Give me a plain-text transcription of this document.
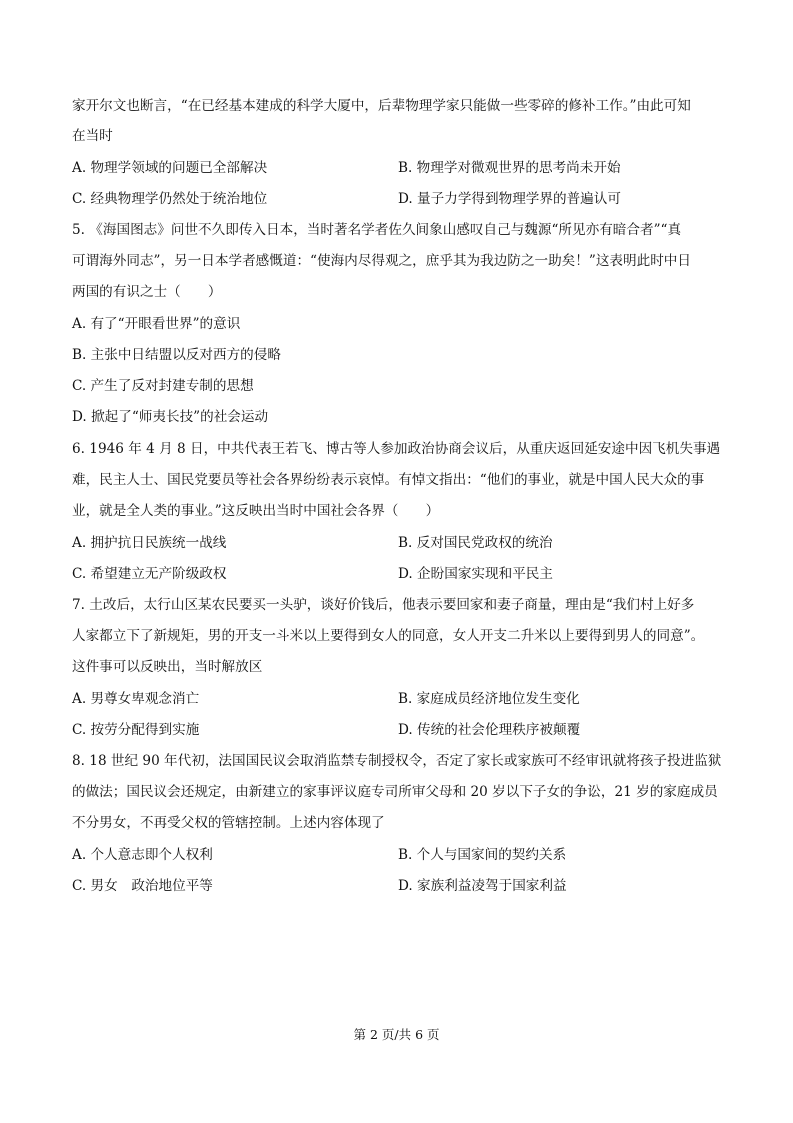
家开尔文也断言，“在已经基本建成的科学大厦中，后辈物理学家只能做一些零碎的修补工作。”由此可知
在当时
A. 物理学领域的问题已全部解决	B. 物理学对微观世界的思考尚未开始
C. 经典物理学仍然处于统治地位	D. 量子力学得到物理学界的普遍认可
5. 《海国图志》问世不久即传入日本，当时著名学者佐久间象山感叹自己与魏源“所见亦有暗合者”“真
可谓海外同志”，另一日本学者感慨道：“使海内尽得观之，庶乎其为我边防之一助矣！”这表明此时中日
两国的有识之士（　　）
A. 有了“开眼看世界”的意识
B. 主张中日结盟以反对西方的侵略
C. 产生了反对封建专制的思想
D. 掀起了“师夷长技”的社会运动
6. 1946 年 4 月 8 日，中共代表王若飞、博古等人参加政治协商会议后，从重庆返回延安途中因飞机失事遇
难，民主人士、国民党要员等社会各界纷纷表示哀悼。有悼文指出：“他们的事业，就是中国人民大众的事
业，就是全人类的事业。”这反映出当时中国社会各界（　　）
A. 拥护抗日民族统一战线	B. 反对国民党政权的统治
C. 希望建立无产阶级政权	D. 企盼国家实现和平民主
7. 土改后，太行山区某农民要买一头驴，谈好价钱后，他表示要回家和妻子商量，理由是“我们村上好多
人家都立下了新规矩，男的开支一斗米以上要得到女人的同意，女人开支二升米以上要得到男人的同意”。
这件事可以反映出，当时解放区
A. 男尊女卑观念消亡	B. 家庭成员经济地位发生变化
C. 按劳分配得到实施	D. 传统的社会伦理秩序被颠覆
8. 18 世纪 90 年代初，法国国民议会取消监禁专制授权令，否定了家长或家族可不经审讯就将孩子投进监狱
的做法；国民议会还规定，由新建立的家事评议庭专司所审父母和 20 岁以下子女的争讼，21 岁的家庭成员
不分男女，不再受父权的管辖控制。上述内容体现了
A. 个人意志即个人权利	B. 个人与国家间的契约关系
C. 男女　政治地位平等	D. 家族利益凌驾于国家利益
第 2 页/共 6 页
